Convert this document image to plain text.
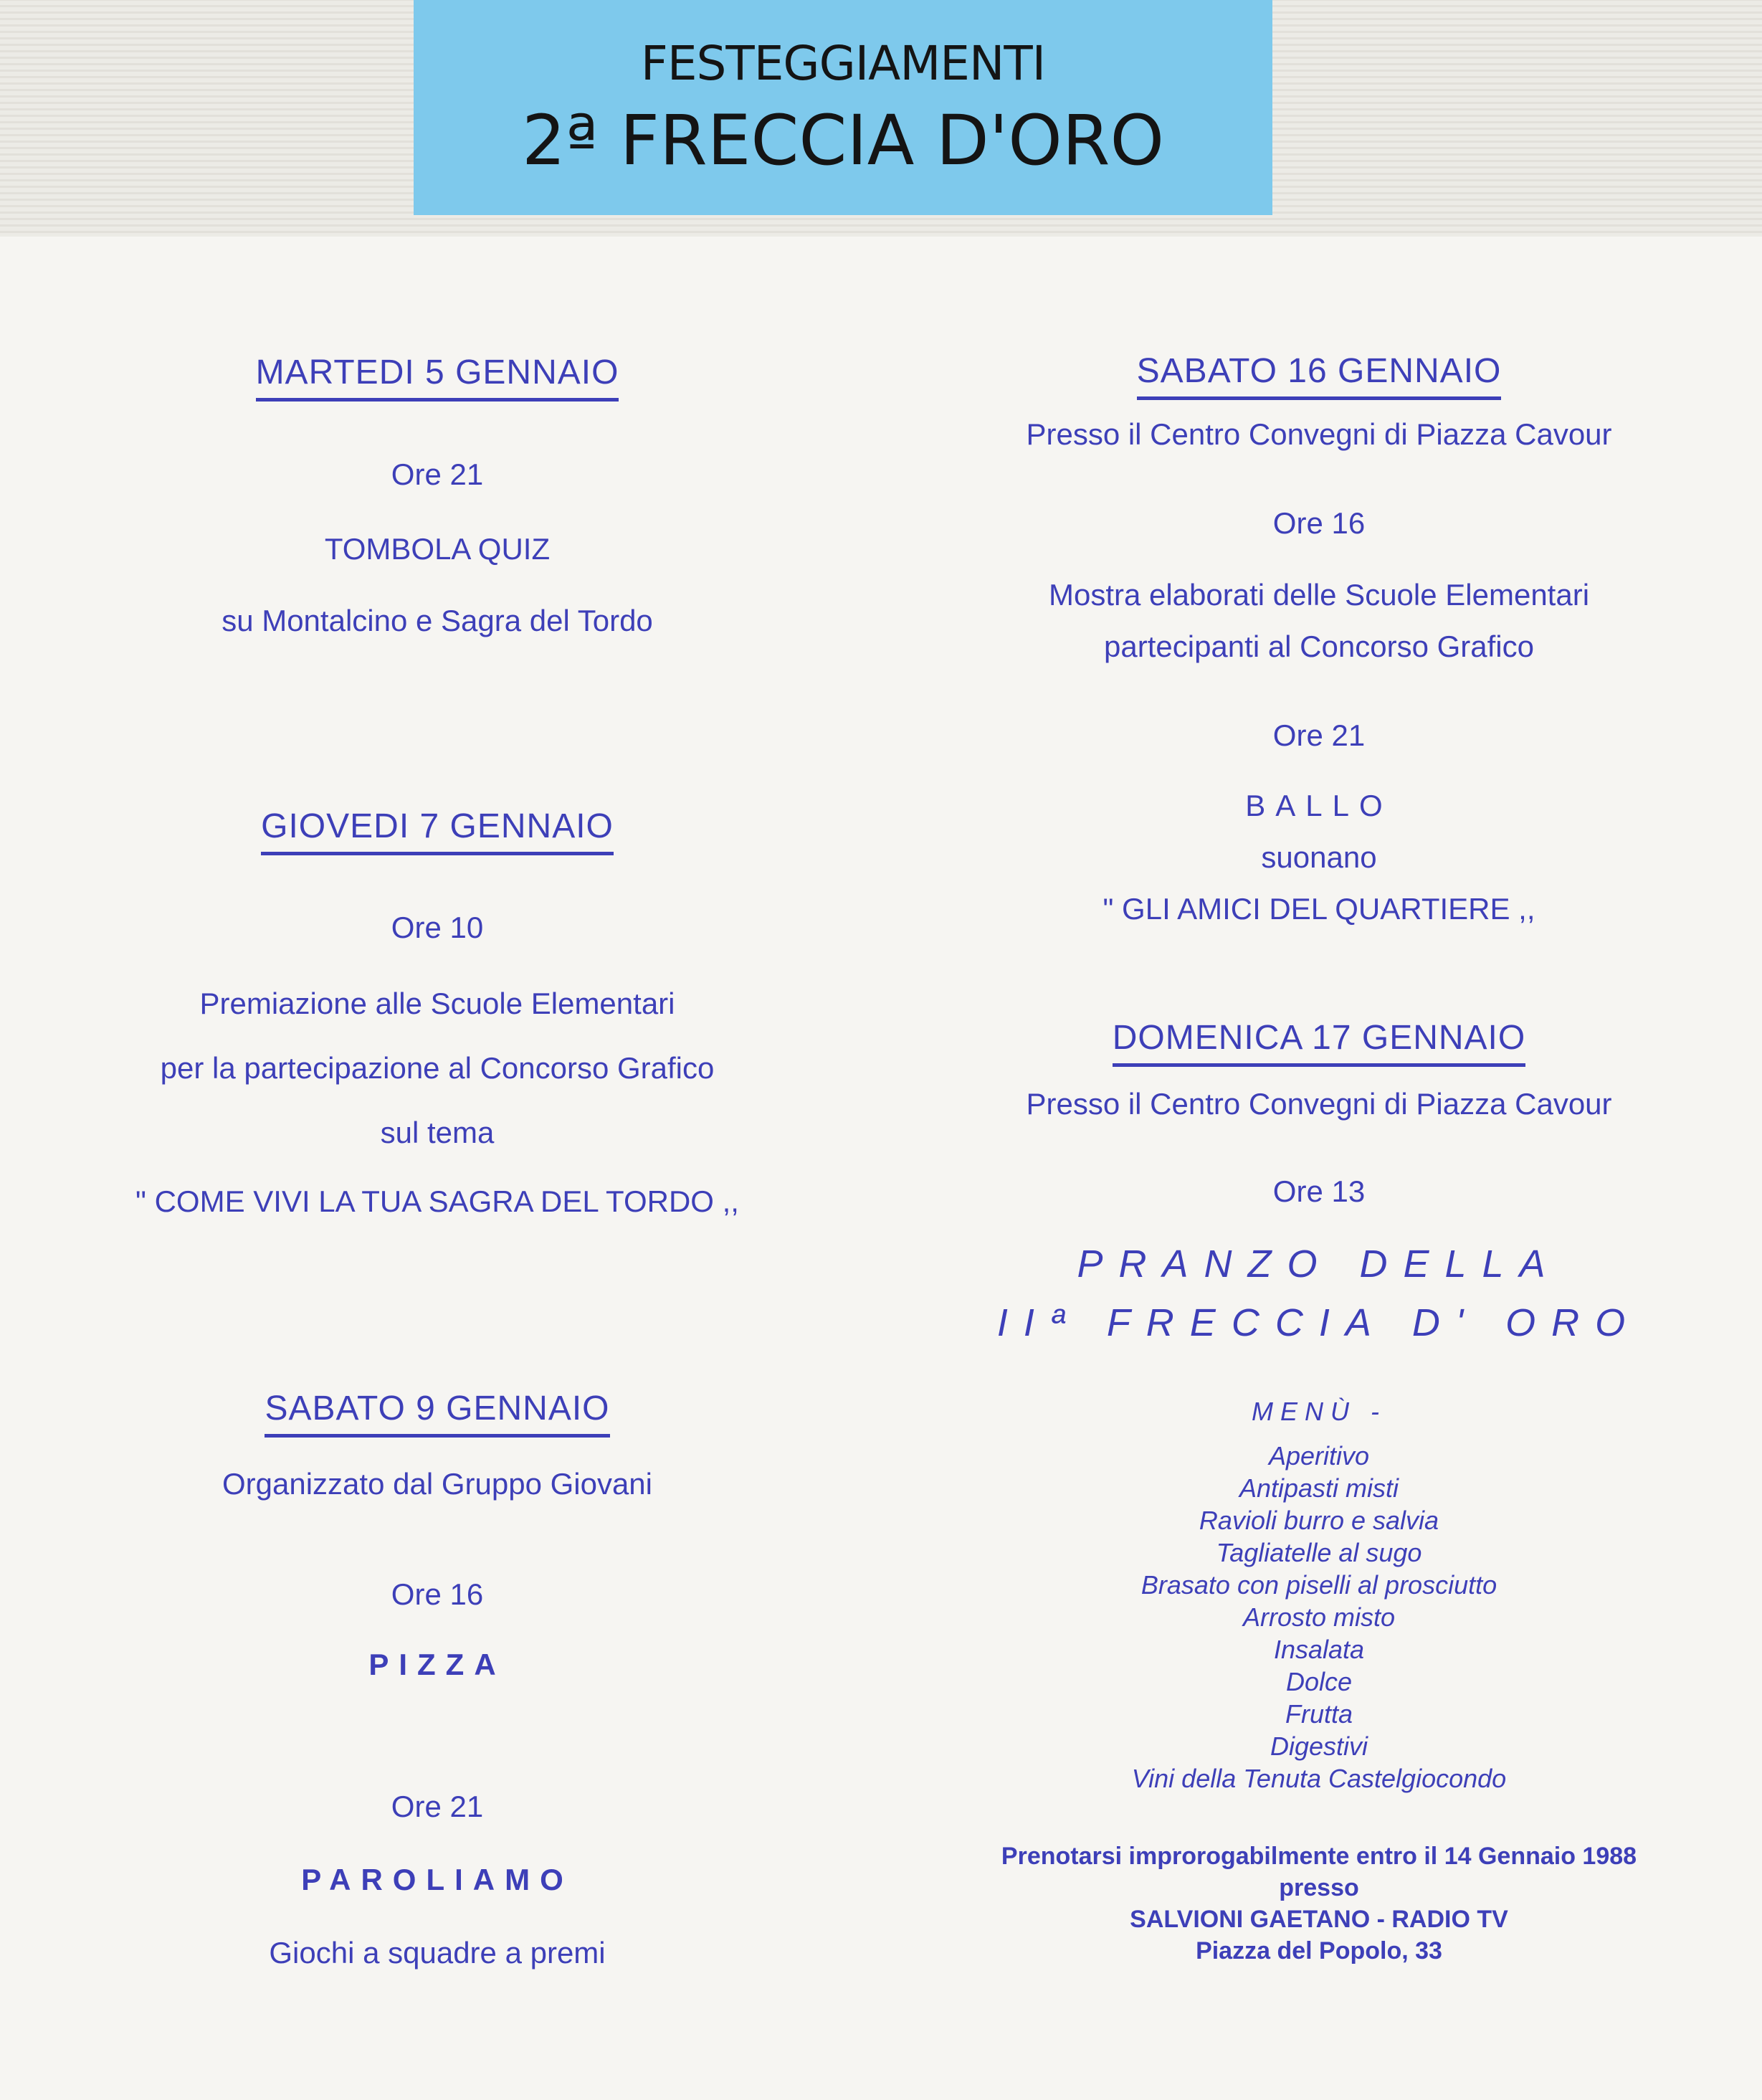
FESTEGGIAMENTI
2ª FRECCIA D'ORO
MARTEDI 5 GENNAIO
Ore 21
TOMBOLA QUIZ
su Montalcino e Sagra del Tordo
GIOVEDI 7 GENNAIO
Ore 10
Premiazione alle Scuole Elementari
per la partecipazione al Concorso Grafico
sul tema
" COME VIVI LA TUA SAGRA DEL TORDO ,,
SABATO 9 GENNAIO
Organizzato dal Gruppo Giovani
Ore 16
PIZZA
Ore 21
PAROLIAMO
Giochi a squadre a premi
SABATO 16 GENNAIO
Presso il Centro Convegni di Piazza Cavour
Ore 16
Mostra elaborati delle Scuole Elementari
partecipanti al Concorso Grafico
Ore 21
BALLO
suonano
" GLI AMICI DEL QUARTIERE ,,
DOMENICA 17 GENNAIO
Presso il Centro Convegni di Piazza Cavour
Ore 13
PRANZO DELLA
IIª FRECCIA D' ORO
MENÙ -
Aperitivo
Antipasti misti
Ravioli burro e salvia
Tagliatelle al sugo
Brasato con piselli al prosciutto
Arrosto misto
Insalata
Dolce
Frutta
Digestivi
Vini della Tenuta Castelgiocondo
Prenotarsi improrogabilmente entro il 14 Gennaio 1988
presso
SALVIONI GAETANO - RADIO TV
Piazza del Popolo, 33
